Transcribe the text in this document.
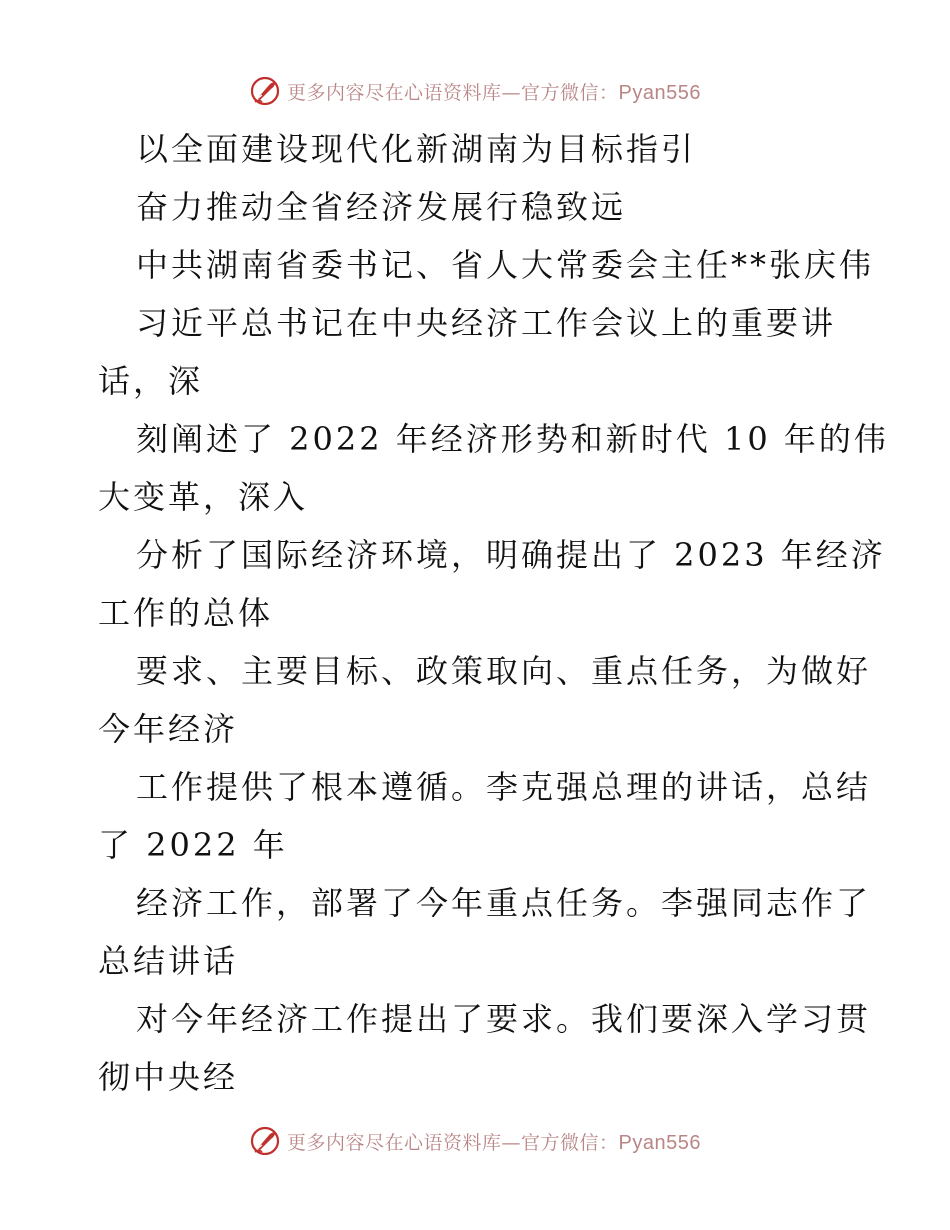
更多内容尽在心语资料库—官方微信：Pyan556
以全面建设现代化新湖南为目标指引
奋力推动全省经济发展行稳致远
中共湖南省委书记、省人大常委会主任**张庆伟
习近平总书记在中央经济工作会议上的重要讲
话，深
刻阐述了 2022 年经济形势和新时代 10 年的伟
大变革，深入
分析了国际经济环境，明确提出了 2023 年经济
工作的总体
要求、主要目标、政策取向、重点任务，为做好
今年经济
工作提供了根本遵循。李克强总理的讲话，总结
了 2022 年
经济工作，部署了今年重点任务。李强同志作了
总结讲话
对今年经济工作提出了要求。我们要深入学习贯
彻中央经
更多内容尽在心语资料库—官方微信：Pyan556
